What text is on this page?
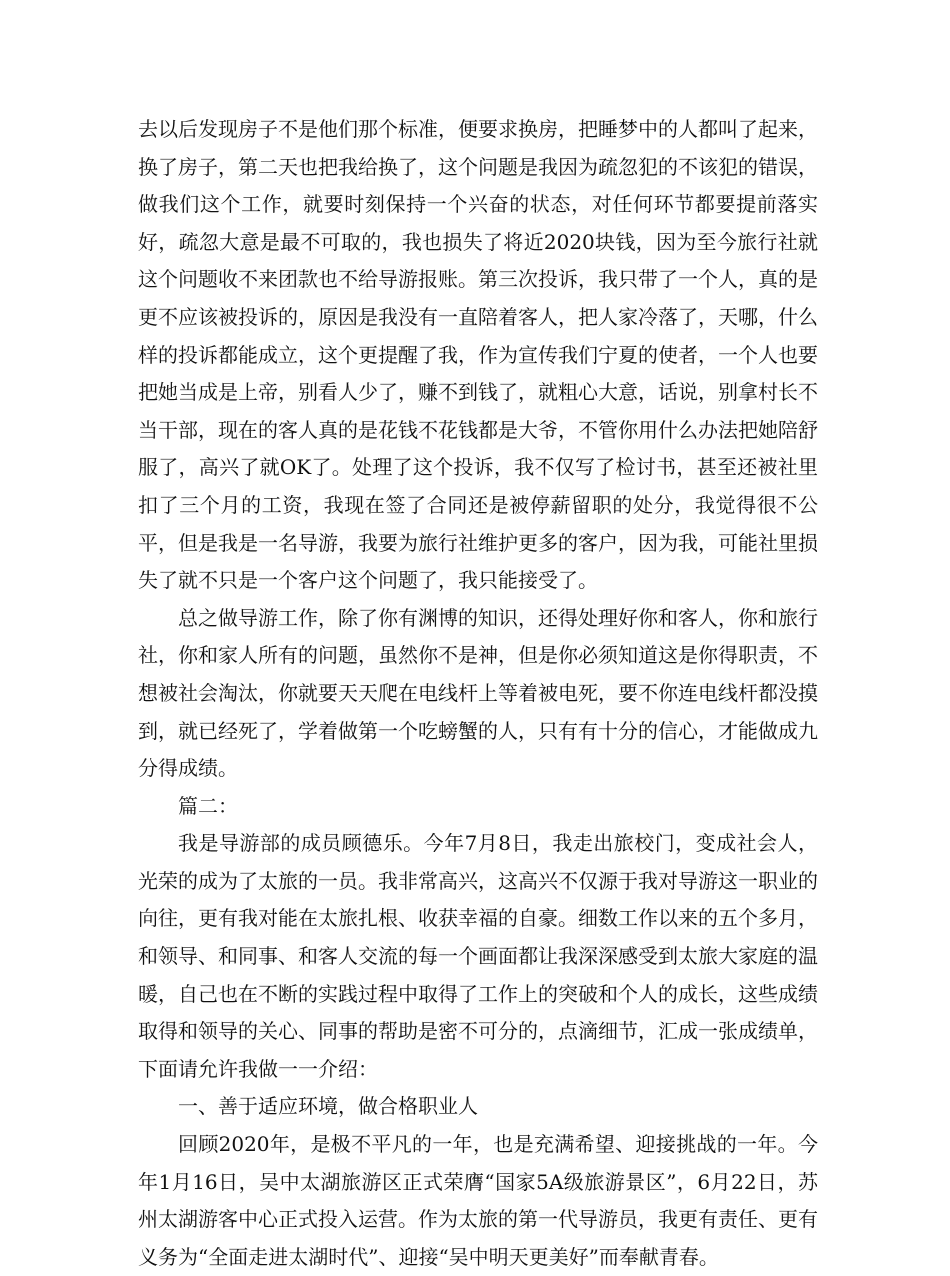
去以后发现房子不是他们那个标准，便要求换房，把睡梦中的人都叫了起来，换了房子，第二天也把我给换了，这个问题是我因为疏忽犯的不该犯的错误，做我们这个工作，就要时刻保持一个兴奋的状态，对任何环节都要提前落实好，疏忽大意是最不可取的，我也损失了将近2020块钱，因为至今旅行社就这个问题收不来团款也不给导游报账。第三次投诉，我只带了一个人，真的是更不应该被投诉的，原因是我没有一直陪着客人，把人家冷落了，天哪，什么样的投诉都能成立，这个更提醒了我，作为宣传我们宁夏的使者，一个人也要把她当成是上帝，别看人少了，赚不到钱了，就粗心大意，话说，别拿村长不当干部，现在的客人真的是花钱不花钱都是大爷，不管你用什么办法把她陪舒服了，高兴了就OK了。处理了这个投诉，我不仅写了检讨书，甚至还被社里扣了三个月的工资，我现在签了合同还是被停薪留职的处分，我觉得很不公平，但是我是一名导游，我要为旅行社维护更多的客户，因为我，可能社里损失了就不只是一个客户这个问题了，我只能接受了。

总之做导游工作，除了你有渊博的知识，还得处理好你和客人，你和旅行社，你和家人所有的问题，虽然你不是神，但是你必须知道这是你得职责，不想被社会淘汰，你就要天天爬在电线杆上等着被电死，要不你连电线杆都没摸到，就已经死了，学着做第一个吃螃蟹的人，只有有十分的信心，才能做成九分得成绩。

篇二：

我是导游部的成员顾德乐。今年7月8日，我走出旅校门，变成社会人，光荣的成为了太旅的一员。我非常高兴，这高兴不仅源于我对导游这一职业的向往，更有我对能在太旅扎根、收获幸福的自豪。细数工作以来的五个多月，和领导、和同事、和客人交流的每一个画面都让我深深感受到太旅大家庭的温暖，自己也在不断的实践过程中取得了工作上的突破和个人的成长，这些成绩取得和领导的关心、同事的帮助是密不可分的，点滴细节，汇成一张成绩单，下面请允许我做一一介绍：

一、善于适应环境，做合格职业人

回顾2020年，是极不平凡的一年，也是充满希望、迎接挑战的一年。今年1月16日，吴中太湖旅游区正式荣膺“国家5A级旅游景区”，6月22日，苏州太湖游客中心正式投入运营。作为太旅的第一代导游员，我更有责任、更有义务为“全面走进太湖时代”、迎接“吴中明天更美好”而奉献青春。
